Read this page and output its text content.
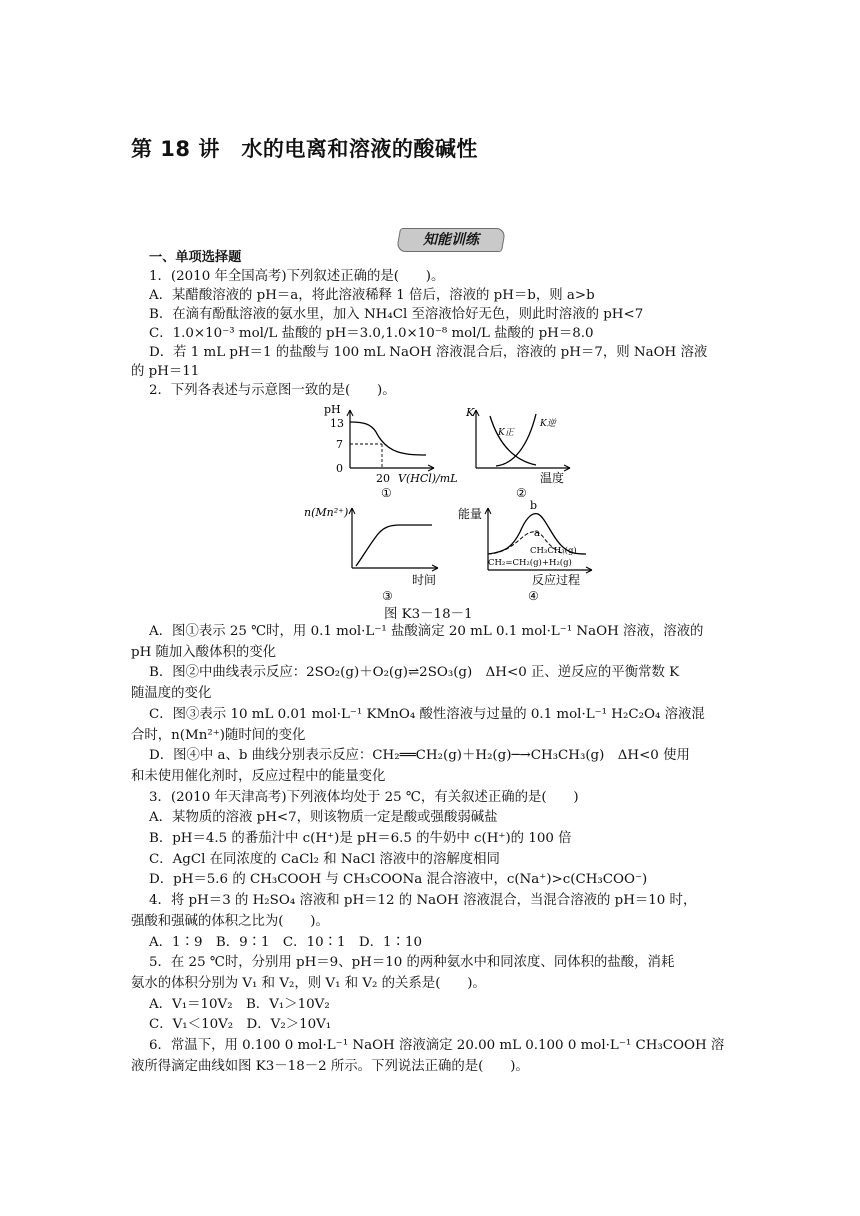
第 18 讲　水的电离和溶液的酸碱性
知能训练
一、单项选择题
1．(2010 年全国高考)下列叙述正确的是(　　)。
A．某醋酸溶液的 pH＝a，将此溶液稀释 1 倍后，溶液的 pH＝b，则 a>b
B．在滴有酚酞溶液的氨水里，加入 NH₄Cl 至溶液恰好无色，则此时溶液的 pH<7
C．1.0×10⁻³ mol/L 盐酸的 pH＝3.0,1.0×10⁻⁸ mol/L 盐酸的 pH＝8.0
D．若 1 mL pH＝1 的盐酸与 100 mL NaOH 溶液混合后，溶液的 pH＝7，则 NaOH 溶液
的 pH＝11
2．下列各表述与示意图一致的是(　　)。
pH
13
7
0
20 V(HCl)/mL
①
K
K正
K逆
温度
②
n(Mn²⁺)
时间
③
能量
b
a
CH₃CH₃(g)
CH₂=CH₂(g)+H₂(g)
反应过程
④
图 K3－18－1
A．图①表示 25 ℃时，用 0.1 mol·L⁻¹ 盐酸滴定 20 mL 0.1 mol·L⁻¹ NaOH 溶液，溶液的
pH 随加入酸体积的变化
B．图②中曲线表示反应：2SO₂(g)＋O₂(g)⇌2SO₃(g)　ΔH<0 正、逆反应的平衡常数 K
随温度的变化
C．图③表示 10 mL 0.01 mol·L⁻¹ KMnO₄ 酸性溶液与过量的 0.1 mol·L⁻¹ H₂C₂O₄ 溶液混
合时，n(Mn²⁺)随时间的变化
D．图④中 a、b 曲线分别表示反应：CH₂══CH₂(g)＋H₂(g)─→CH₃CH₃(g)　ΔH<0 使用
和未使用催化剂时，反应过程中的能量变化
3．(2010 年天津高考)下列液体均处于 25 ℃，有关叙述正确的是(　　)
A．某物质的溶液 pH<7，则该物质一定是酸或强酸弱碱盐
B．pH＝4.5 的番茄汁中 c(H⁺)是 pH＝6.5 的牛奶中 c(H⁺)的 100 倍
C．AgCl 在同浓度的 CaCl₂ 和 NaCl 溶液中的溶解度相同
D．pH＝5.6 的 CH₃COOH 与 CH₃COONa 混合溶液中，c(Na⁺)>c(CH₃COO⁻)
4．将 pH＝3 的 H₂SO₄ 溶液和 pH＝12 的 NaOH 溶液混合，当混合溶液的 pH＝10 时，
强酸和强碱的体积之比为(　　)。
A．1∶9　B．9∶1　C．10∶1　D．1∶10
5．在 25 ℃时，分别用 pH＝9、pH＝10 的两种氨水中和同浓度、同体积的盐酸，消耗
氨水的体积分别为 V₁ 和 V₂，则 V₁ 和 V₂ 的关系是(　　)。
A．V₁＝10V₂　B．V₁＞10V₂
C．V₁＜10V₂　D．V₂＞10V₁
6．常温下，用 0.100 0 mol·L⁻¹ NaOH 溶液滴定 20.00 mL 0.100 0 mol·L⁻¹ CH₃COOH 溶
液所得滴定曲线如图 K3－18－2 所示。下列说法正确的是(　　)。
